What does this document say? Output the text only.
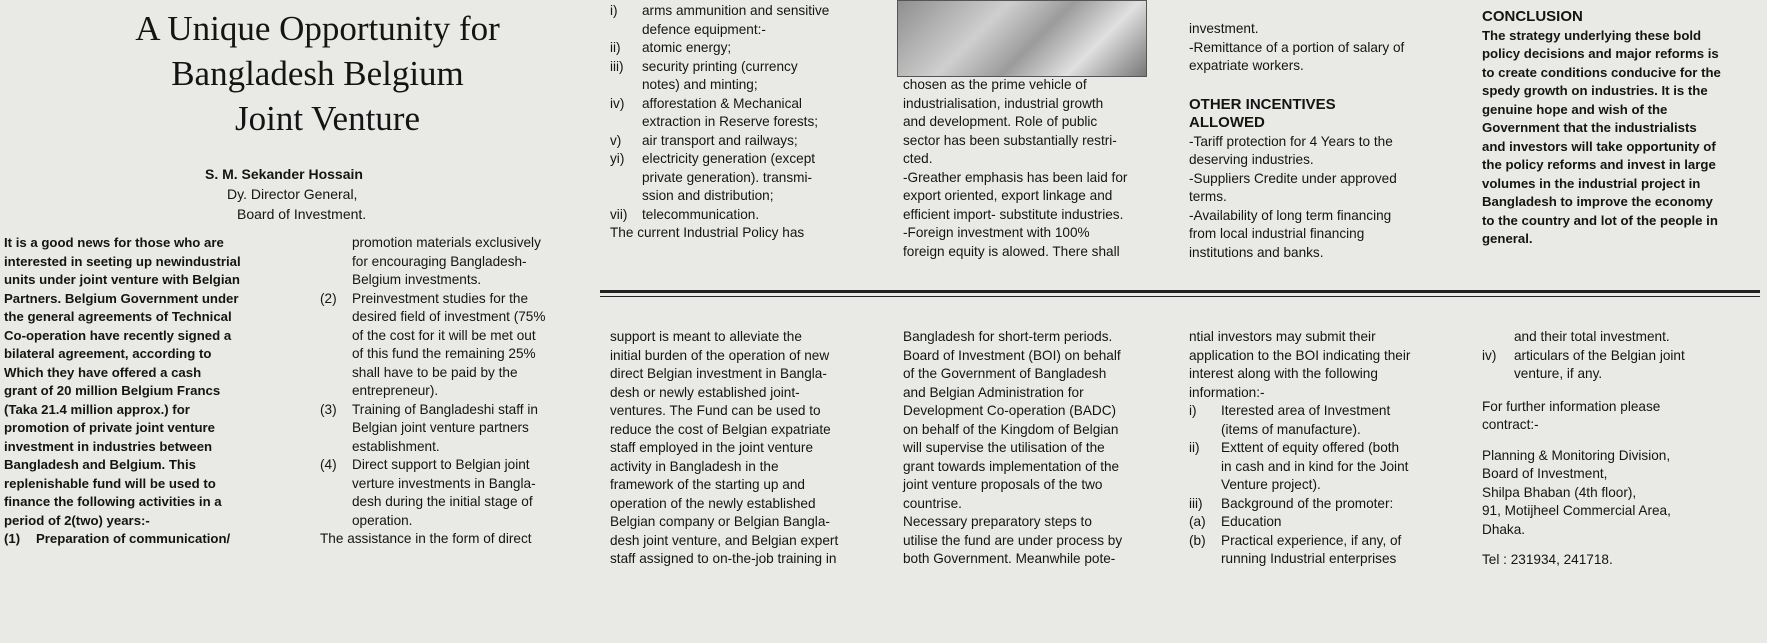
A Unique Opportunity for
Bangladesh Belgium
Joint Venture
S. M. Sekander Hossain
Dy. Director General,
Board of Investment.
It is a good news for those who are
interested in seeting up newindustrial
units under joint venture with Belgian
Partners. Belgium Government under
the general agreements of Technical
Co-operation have recently signed a
bilateral agreement, according to
Which they have offered a cash
grant of 20 million Belgium Francs
(Taka 21.4 million approx.) for
promotion of private joint venture
investment in industries between
Bangladesh and Belgium. This
replenishable fund will be used to
finance the following activities in a
period of 2(two) years:-
(1)	Preparation of communication/
promotion materials exclusively
for encouraging Bangladesh-
Belgium investments.
(2)	Preinvestment studies for the
desired field of investment (75%
of the cost for it will be met out
of this fund the remaining 25%
shall have to be paid by the
entrepreneur).
(3)	Training of Bangladeshi staff in
Belgian joint venture partners
establishment.
(4)	Direct support to Belgian joint
verture investments in Bangla-
desh during the initial stage of
operation.
The assistance in the form of direct
i)	arms ammunition and sensitive
defence equipment:-
ii)	atomic energy;
iii)	security printing (currency
notes) and minting;
iv)	afforestation & Mechanical
extraction in Reserve forests;
v)	air transport and railways;
yi)	electricity generation (except
private generation). transmi-
ssion and distribution;
vii)	telecommunication.
The current Industrial Policy has
chosen as the prime vehicle of
industrialisation, industrial growth
and development. Role of public
sector has been substantially restri-
cted.
-Greather emphasis has been laid for
export oriented, export linkage and
efficient import- substitute industries.
-Foreign investment with 100%
foreign equity is alowed. There shall
investment.
-Remittance of a portion of salary of
expatriate workers.
OTHER INCENTIVES
ALLOWED
-Tariff protection for 4 Years to the
deserving industries.
-Suppliers Credite under approved
terms.
-Availability of long term financing
from local industrial financing
institutions and banks.
CONCLUSION
The strategy underlying these bold
policy decisions and major reforms is
to create conditions conducive for the
spedy growth on industries. It is the
genuine hope and wish of the
Government that the industrialists
and investors will take opportunity of
the policy reforms and invest in large
volumes in the industrial project in
Bangladesh to improve the economy
to the country and lot of the people in
general.
support is meant to alleviate the
initial burden of the operation of new
direct Belgian investment in Bangla-
desh or newly established joint-
ventures. The Fund can be used to
reduce the cost of Belgian expatriate
staff employed in the joint venture
activity in Bangladesh in the
framework of the starting up and
operation of the newly established
Belgian company or Belgian Bangla-
desh joint venture, and Belgian expert
staff assigned to on-the-job training in
Bangladesh for short-term periods.
Board of Investment (BOI) on behalf
of the Government of Bangladesh
and Belgian Administration for
Development Co-operation (BADC)
on behalf of the Kingdom of Belgian
will supervise the utilisation of the
grant towards implementation of the
joint venture proposals of the two
countrise.
Necessary preparatory steps to
utilise the fund are under process by
both Government. Meanwhile pote-
ntial investors may submit their
application to the BOI indicating their
interest along with the following
information:-
i)	Iterested area of Investment
(items of manufacture).
ii)	Exttent of equity offered (both
in cash and in kind for the Joint
Venture project).
iii)	Background of the promoter:
(a)	Education
(b)	Practical experience, if any, of
running Industrial enterprises
and their total investment.
iv)	articulars of the Belgian joint
venture, if any.
For further information please
contract:-
Planning & Monitoring Division,
Board of Investment,
Shilpa Bhaban (4th floor),
91, Motijheel Commercial Area,
Dhaka.
Tel : 231934, 241718.
